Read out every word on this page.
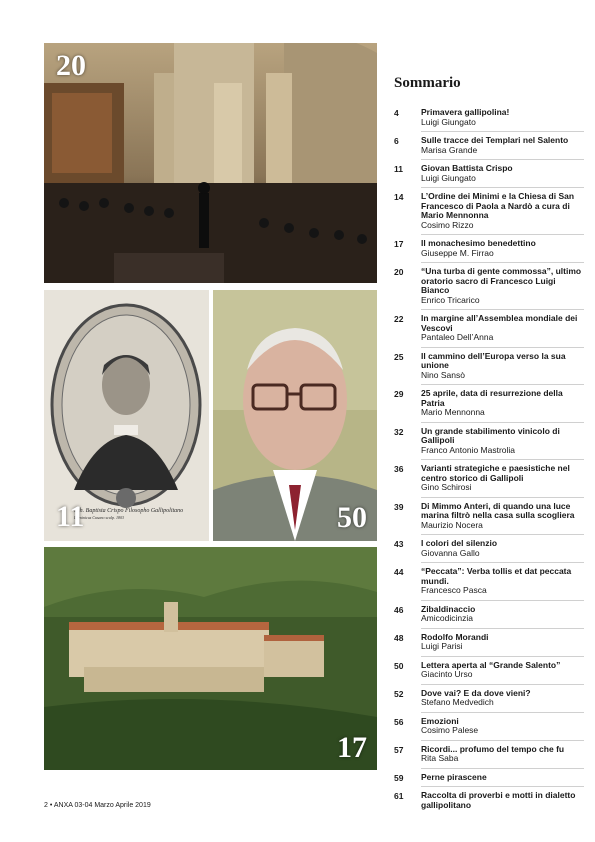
20
Joh. Baptista Crispo Filosopho Gallipolitano
Dominicus Cusano sculp. 1803
11	50
17
Sommario
4	Primavera gallipolina!
Luigi Giungato
6	Sulle tracce dei Templari nel Salento
Marisa Grande
11 Giovan Battista Crispo
Luigi Giungato
14 L’Ordine dei Minimi e la Chiesa di San Francesco di Paola a Nardò a cura di Mario Mennonna
Cosimo Rizzo
17 Il monachesimo benedettino
Giuseppe M. Firrao
20 “Una turba di gente commossa”, ultimo oratorio sacro di Francesco Luigi Bianco
Enrico Tricarico
22 In margine all’Assemblea mondiale dei Vescovi
Pantaleo Dell’Anna
25 Il cammino dell’Europa verso la sua unione
Nino Sansò
29 25 aprile, data di resurrezione della Patria
Mario Mennonna
32 Un grande stabilimento vinicolo di Gallipoli
Franco Antonio Mastrolia
36 Varianti strategiche e paesistiche nel centro storico di Gallipoli
Gino Schirosi
39 Di Mimmo Anteri, di quando una luce marina filtrò nella casa sulla scogliera
Maurizio Nocera
43 I colori del silenzio
Giovanna Gallo
44 “Peccata”: Verba tollis et dat peccata mundi.
Francesco Pasca
46 Zibaldinaccio
Amicodicinzia
48 Rodolfo Morandi
Luigi Parisi
50 Lettera aperta al “Grande Salento”
Giacinto Urso
52 Dove vai? E da dove vieni?
Stefano Medvedich
56 Emozioni
Cosimo Palese
57 Ricordi... profumo del tempo che fu
Rita Saba
59 Perne pirascene
61 Raccolta di proverbi e motti in dialetto gallipolitano
2 • ANXA 03-04 Marzo Aprile 2019
